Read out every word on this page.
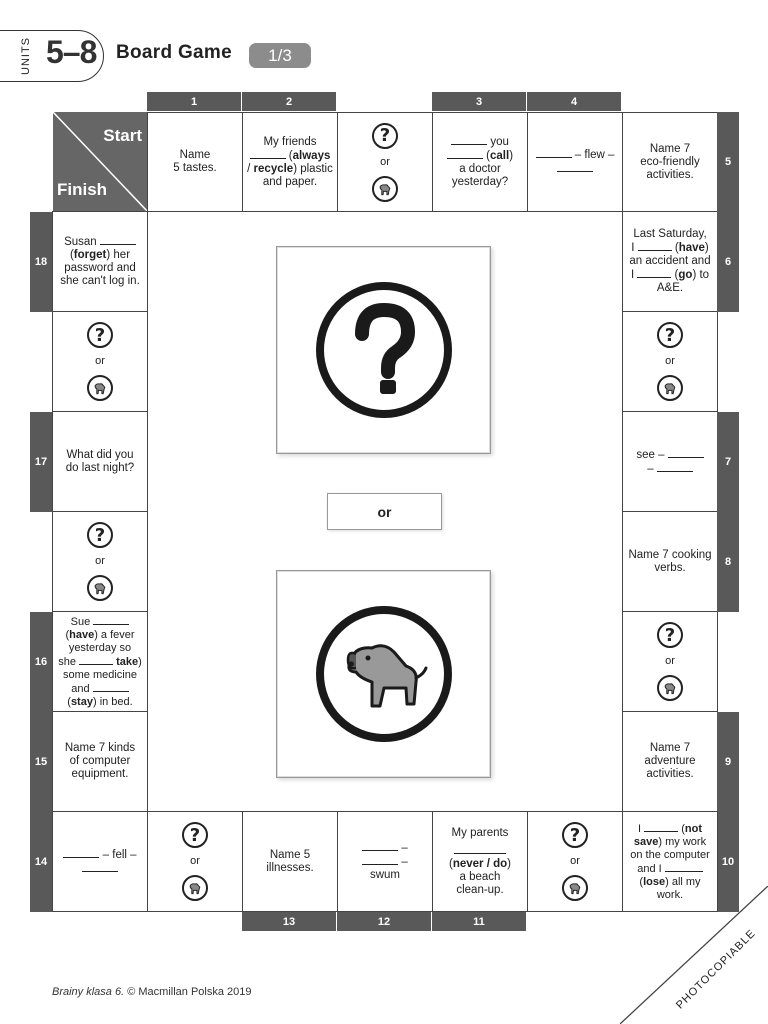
UNITS 5–8 Board Game	1/3
1	2	3	4
Start
Finish
Name
5 tastes.
My friends
(always
/ recycle) plastic
and paper.
?
or
you
(call)
a doctor
yesterday?
– flew –
Name 7
eco-friendly
activities.
Last Saturday,
I	(have)
an accident and
I	(go) to
A&E.
?
or
see –
–
Name 7 cooking
verbs.
?
or
Name 7
adventure
activities.
5
6
7
8
9
10
I	(not
save) my work
on the computer
and I
(lose) all my
work.
?
or
My parents
(never / do)
a beach
clean-up.
–
–
swum
Name 5 illnesses.
?
or
– fell –
13	12	11
Name 7 kinds
of computer
equipment.
Sue
(have) a fever
yesterday so
she	take)
some medicine
and
(stay) in bed.
?
or
What did you
do last night?
?
or
Susan
(forget) her
password and
she can't log in.
18
17
16
15
14
or
Brainy klasa 6. © Macmillan Polska 2019	PHOTOCOPIABLE
